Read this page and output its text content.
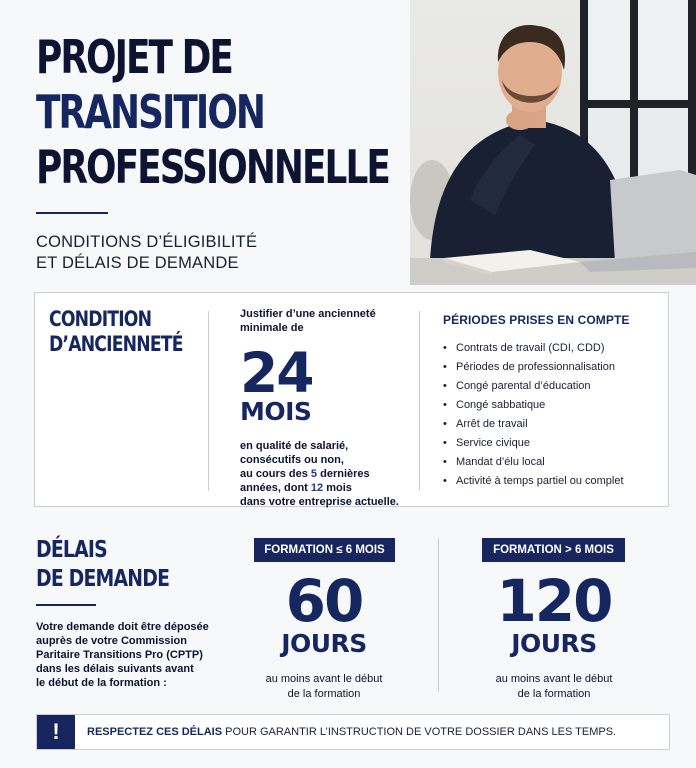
PROJET DE
TRANSITION
PROFESSIONNELLE
CONDITIONS D’ÉLIGIBILITÉ
ET DÉLAIS DE DEMANDE
CONDITION
D’ANCIENNETÉ
Justifier d’une ancienneté
minimale de
24
MOIS
en qualité de salarié,
consécutifs ou non,
au cours des 5 dernières
années, dont 12 mois
dans votre entreprise actuelle.
PÉRIODES PRISES EN COMPTE
• Contrats de travail (CDI, CDD)
• Périodes de professionnalisation
• Congé parental d’éducation
• Congé sabbatique
• Arrêt de travail
• Service civique
• Mandat d’élu local
• Activité à temps partiel ou complet
DÉLAIS
DE DEMANDE
Votre demande doit être déposée
auprès de votre Commission
Paritaire Transitions Pro (CPTP)
dans les délais suivants avant
le début de la formation :
FORMATION ≤ 6 MOIS
60
JOURS
au moins avant le début
de la formation
FORMATION > 6 MOIS
120
JOURS
au moins avant le début
de la formation
!	RESPECTEZ CES DÉLAIS POUR GARANTIR L’INSTRUCTION DE VOTRE DOSSIER DANS LES TEMPS.
